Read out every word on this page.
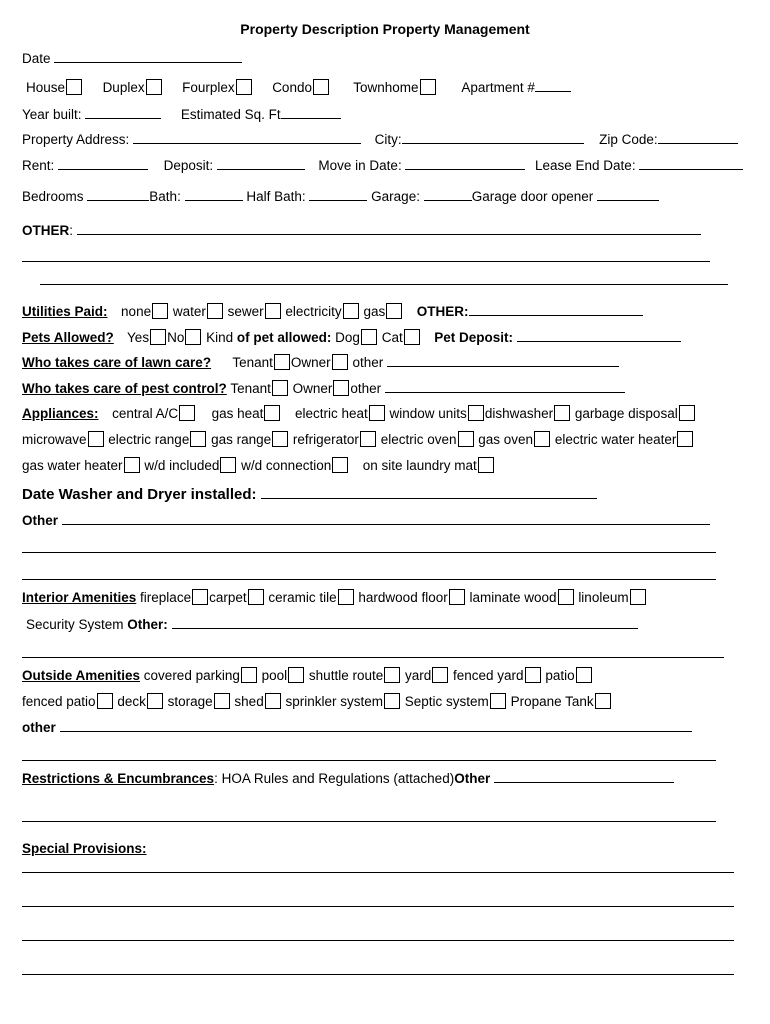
Property Description Property Management
Date
House	Duplex	Fourplex	Condo	Townhome	Apartment #
Year built:	Estimated Sq. Ft
Property Address:	City:	Zip Code:
Rent:	Deposit:	Move in Date:	Lease End Date:
Bedrooms	Bath:	Half Bath:	Garage:	Garage door opener
OTHER:
Utilities Paid: none water sewer electricity gas OTHER:
Pets Allowed? Yes No Kind of pet allowed: Dog Cat Pet Deposit:
Who takes care of lawn care? Tenant Owner other
Who takes care of pest control? Tenant Owner other
Appliances: central A/C gas heat electric heat window units dishwasher garbage disposal
microwave electric range gas range refrigerator electric oven gas oven electric water heater
gas water heater w/d included w/d connection on site laundry mat
Date Washer and Dryer installed:
Other
Interior Amenities fireplace carpet ceramic tile hardwood floor laminate wood linoleum
Security System Other:
Outside Amenities covered parking pool shuttle route yard fenced yard patio
fenced patio deck storage shed sprinkler system Septic system Propane Tank
other
Restrictions & Encumbrances: HOA Rules and Regulations (attached)Other
Special Provisions:
